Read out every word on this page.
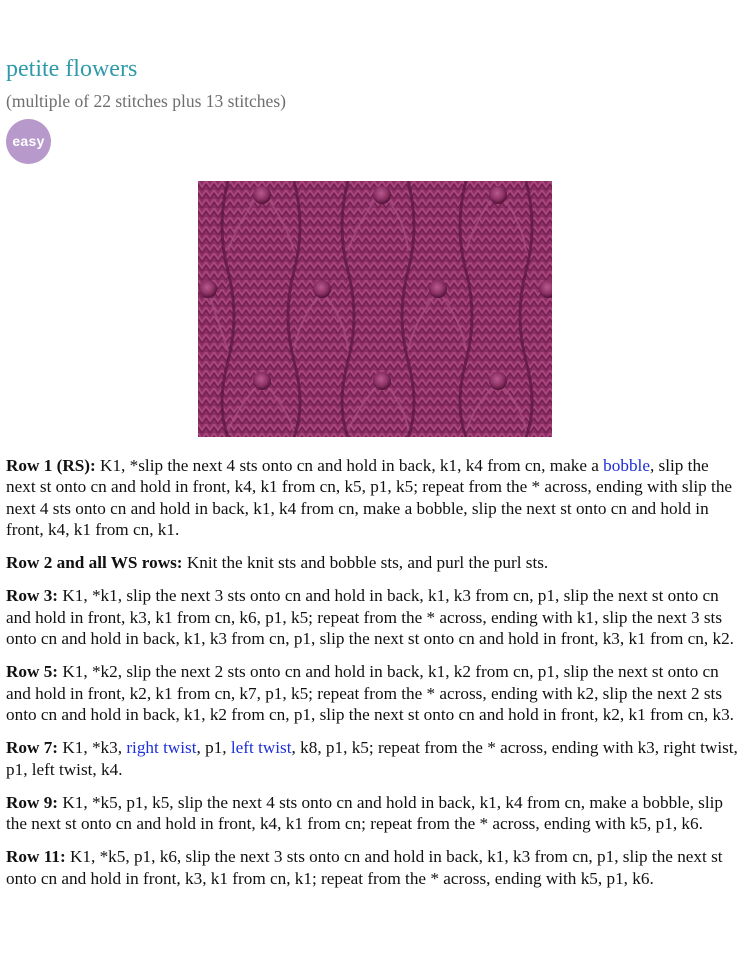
petite flowers
(multiple of 22 stitches plus 13 stitches)
easy

Row 1 (RS): K1, *slip the next 4 sts onto cn and hold in back, k1, k4 from cn, make a bobble, slip the next st onto cn and hold in front, k4, k1 from cn, k5, p1, k5; repeat from the * across, ending with slip the next 4 sts onto cn and hold in back, k1, k4 from cn, make a bobble, slip the next st onto cn and hold in front, k4, k1 from cn, k1.

Row 2 and all WS rows: Knit the knit sts and bobble sts, and purl the purl sts.

Row 3: K1, *k1, slip the next 3 sts onto cn and hold in back, k1, k3 from cn, p1, slip the next st onto cn and hold in front, k3, k1 from cn, k6, p1, k5; repeat from the * across, ending with k1, slip the next 3 sts onto cn and hold in back, k1, k3 from cn, p1, slip the next st onto cn and hold in front, k3, k1 from cn, k2.

Row 5: K1, *k2, slip the next 2 sts onto cn and hold in back, k1, k2 from cn, p1, slip the next st onto cn and hold in front, k2, k1 from cn, k7, p1, k5; repeat from the * across, ending with k2, slip the next 2 sts onto cn and hold in back, k1, k2 from cn, p1, slip the next st onto cn and hold in front, k2, k1 from cn, k3.

Row 7: K1, *k3, right twist, p1, left twist, k8, p1, k5; repeat from the * across, ending with k3, right twist, p1, left twist, k4.

Row 9: K1, *k5, p1, k5, slip the next 4 sts onto cn and hold in back, k1, k4 from cn, make a bobble, slip the next st onto cn and hold in front, k4, k1 from cn; repeat from the * across, ending with k5, p1, k6.

Row 11: K1, *k5, p1, k6, slip the next 3 sts onto cn and hold in back, k1, k3 from cn, p1, slip the next st onto cn and hold in front, k3, k1 from cn, k1; repeat from the * across, ending with k5, p1, k6.
